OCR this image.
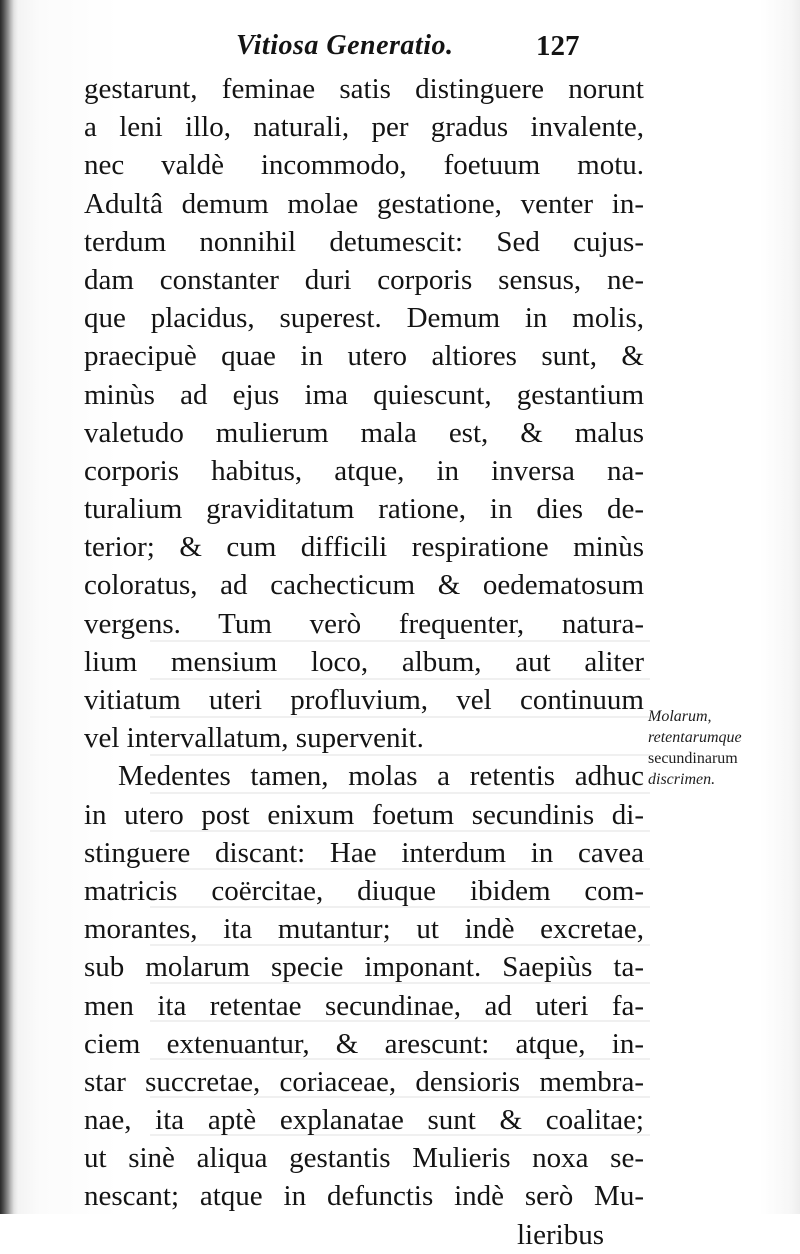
Vitiosa Generatio.	127
gestarunt, feminae satis distinguere norunt
a leni illo, naturali, per gradus invalente,
nec valdè incommodo, foetuum motu.
Adultâ demum molae gestatione, venter in-
terdum nonnihil detumescit: Sed cujus-
dam constanter duri corporis sensus, ne-
que placidus, superest. Demum in molis,
praecipuè quae in utero altiores sunt, &
minùs ad ejus ima quiescunt, gestantium
valetudo mulierum mala est, & malus
corporis habitus, atque, in inversa na-
turalium graviditatum ratione, in dies de-
terior; & cum difficili respiratione minùs
coloratus, ad cachecticum & oedematosum
vergens. Tum verò frequenter, natura-
lium mensium loco, album, aut aliter
vitiatum uteri profluvium, vel continuum
vel intervallatum, supervenit.
Medentes tamen, molas a retentis adhuc
in utero post enixum foetum secundinis di-
stinguere discant: Hae interdum in cavea
matricis coërcitae, diuque ibidem com-
morantes, ita mutantur; ut indè excretae,
sub molarum specie imponant. Saepiùs ta-
men ita retentae secundinae, ad uteri fa-
ciem extenuantur, & arescunt: atque, in-
star succretae, coriaceae, densioris membra-
nae, ita aptè explanatae sunt & coalitae;
ut sinè aliqua gestantis Mulieris noxa se-
nescant; atque in defunctis indè serò Mu-
lieribus
Molarum,
retentarumque
secundinarum
discrimen.
